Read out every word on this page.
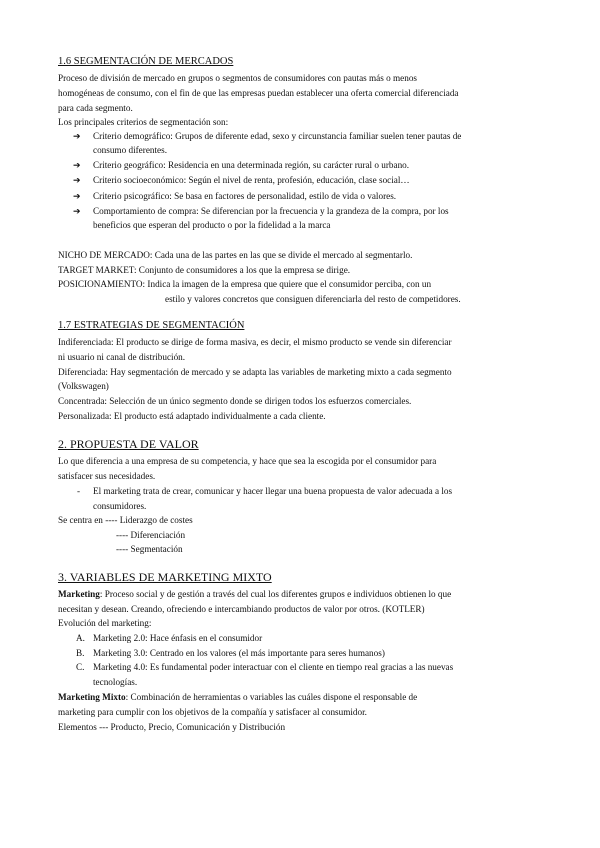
1.6 SEGMENTACIÓN DE MERCADOS
Proceso de división de mercado en grupos o segmentos de consumidores con pautas más o menos
homogéneas de consumo, con el fin de que las empresas puedan establecer una oferta comercial diferenciada
para cada segmento.
Los principales criterios de segmentación son:
➔ Criterio demográfico: Grupos de diferente edad, sexo y circunstancia familiar suelen tener pautas de
consumo diferentes.
➔ Criterio geográfico: Residencia en una determinada región, su carácter rural o urbano.
➔ Criterio socioeconómico: Según el nivel de renta, profesión, educación, clase social…
➔ Criterio psicográfico: Se basa en factores de personalidad, estilo de vida o valores.
➔ Comportamiento de compra: Se diferencian por la frecuencia y la grandeza de la compra, por los
beneficios que esperan del producto o por la fidelidad a la marca
NICHO DE MERCADO: Cada una de las partes en las que se divide el mercado al segmentarlo.
TARGET MARKET: Conjunto de consumidores a los que la empresa se dirige.
POSICIONAMIENTO: Indica la imagen de la empresa que quiere que el consumidor perciba, con un
estilo y valores concretos que consiguen diferenciarla del resto de competidores.
1.7 ESTRATEGIAS DE SEGMENTACIÓN
Indiferenciada: El producto se dirige de forma masiva, es decir, el mismo producto se vende sin diferenciar
ni usuario ni canal de distribución.
Diferenciada: Hay segmentación de mercado y se adapta las variables de marketing mixto a cada segmento
(Volkswagen)
Concentrada: Selección de un único segmento donde se dirigen todos los esfuerzos comerciales.
Personalizada: El producto está adaptado individualmente a cada cliente.
2. PROPUESTA DE VALOR
Lo que diferencia a una empresa de su competencia, y hace que sea la escogida por el consumidor para
satisfacer sus necesidades.
- El marketing trata de crear, comunicar y hacer llegar una buena propuesta de valor adecuada a los
consumidores.
Se centra en ---- Liderazgo de costes
---- Diferenciación
---- Segmentación
3. VARIABLES DE MARKETING MIXTO
Marketing: Proceso social y de gestión a través del cual los diferentes grupos e individuos obtienen lo que
necesitan y desean. Creando, ofreciendo e intercambiando productos de valor por otros. (KOTLER)
Evolución del marketing:
A. Marketing 2.0: Hace énfasis en el consumidor
B. Marketing 3.0: Centrado en los valores (el más importante para seres humanos)
C. Marketing 4.0: Es fundamental poder interactuar con el cliente en tiempo real gracias a las nuevas
tecnologías.
Marketing Mixto: Combinación de herramientas o variables las cuáles dispone el responsable de
marketing para cumplir con los objetivos de la compañía y satisfacer al consumidor.
Elementos --- Producto, Precio, Comunicación y Distribución
